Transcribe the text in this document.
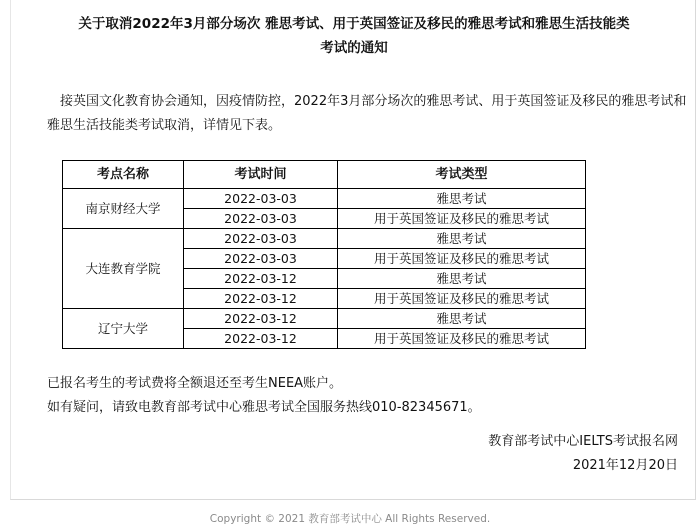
关于取消2022年3月部分场次 雅思考试、用于英国签证及移民的雅思考试和雅思生活技能类
考试的通知

接英国文化教育协会通知，因疫情防控，2022年3月部分场次的雅思考试、用于英国签证及移民的雅思考试和雅思生活技能类考试取消，详情见下表。

考点名称	考试时间	考试类型
南京财经大学	2022-03-03	雅思考试
	2022-03-03	用于英国签证及移民的雅思考试
大连教育学院	2022-03-03	雅思考试
	2022-03-03	用于英国签证及移民的雅思考试
	2022-03-12	雅思考试
	2022-03-12	用于英国签证及移民的雅思考试
辽宁大学	2022-03-12	雅思考试
	2022-03-12	用于英国签证及移民的雅思考试

已报名考生的考试费将全额退还至考生NEEA账户。

如有疑问，请致电教育部考试中心雅思考试全国服务热线010-82345671。

教育部考试中心IELTS考试报名网

2021年12月20日

Copyright © 2021 教育部考试中心 All Rights Reserved.
